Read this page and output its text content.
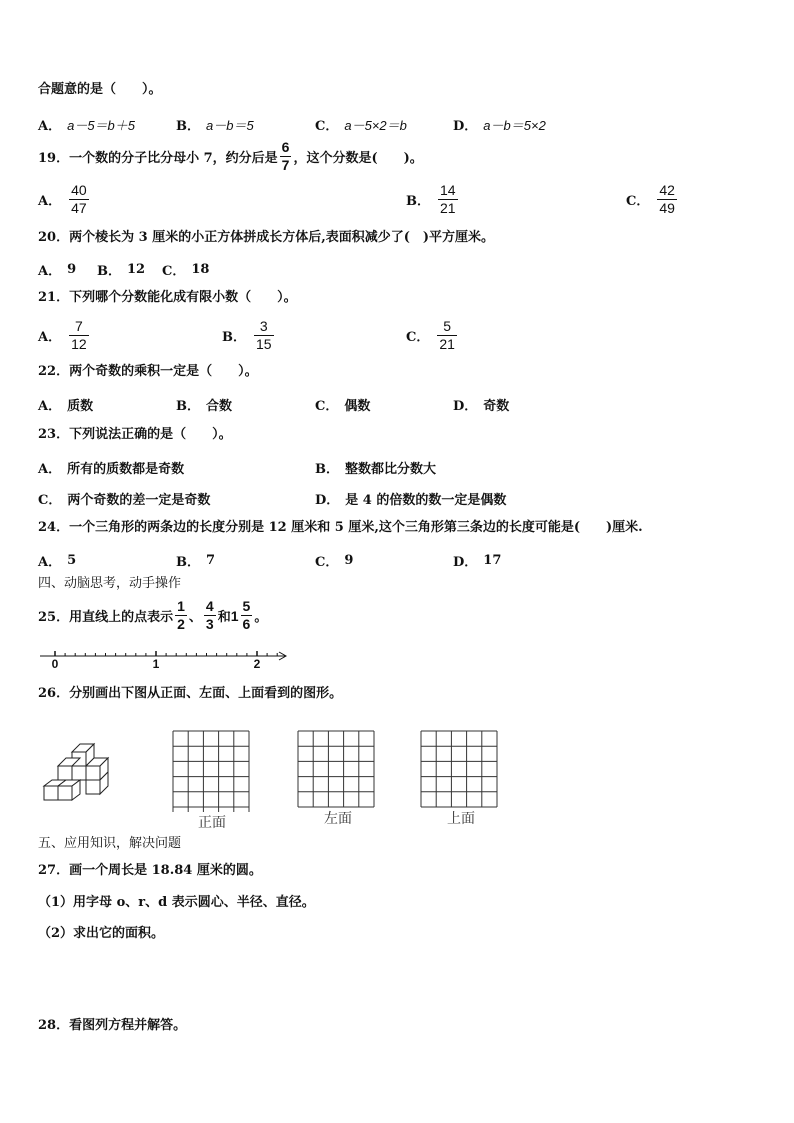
合题意的是（　　）。
A． a－5＝b＋5	B． a－b＝5	C． a－5×2＝b	D． a－b＝5×2
19．一个数的分子比分母小 7，约分后是 $\frac{6}{7}$ ，这个分数是(　　)。
A． $\frac{40}{47}$	B． $\frac{14}{21}$	C． $\frac{42}{49}$
20．两个棱长为 3 厘米的小正方体拼成长方体后,表面积减少了(　)平方厘米。
A． 9 B． 12 C． 18
21．下列哪个分数能化成有限小数（　　）。
A． $\frac{7}{12}$	B． $\frac{3}{15}$	C． $\frac{5}{21}$
22．两个奇数的乘积一定是（　　）。
A． 质数	B． 合数	C． 偶数	D． 奇数
23．下列说法正确的是（　　）。
A． 所有的质数都是奇数	B． 整数都比分数大
C． 两个奇数的差一定是奇数	D． 是 4 的倍数的数一定是偶数
24．一个三角形的两条边的长度分别是 12 厘米和 5 厘米,这个三角形第三条边的长度可能是(　　)厘米.
A． 5	B． 7	C． 9	D． 17
四、动脑思考，动手操作
25．用直线上的点表示 $\frac{1}{2}$ 、 $\frac{4}{3}$ 和 $1 \frac{5}{6}$ 。
0	1	2
26．分别画出下图从正面、左面、上面看到的图形。
正面	左面	上面
五、应用知识，解决问题
27．画一个周长是 18.84 厘米的圆。
（1）用字母 o、r、d 表示圆心、半径、直径。
（2）求出它的面积。
28．看图列方程并解答。
